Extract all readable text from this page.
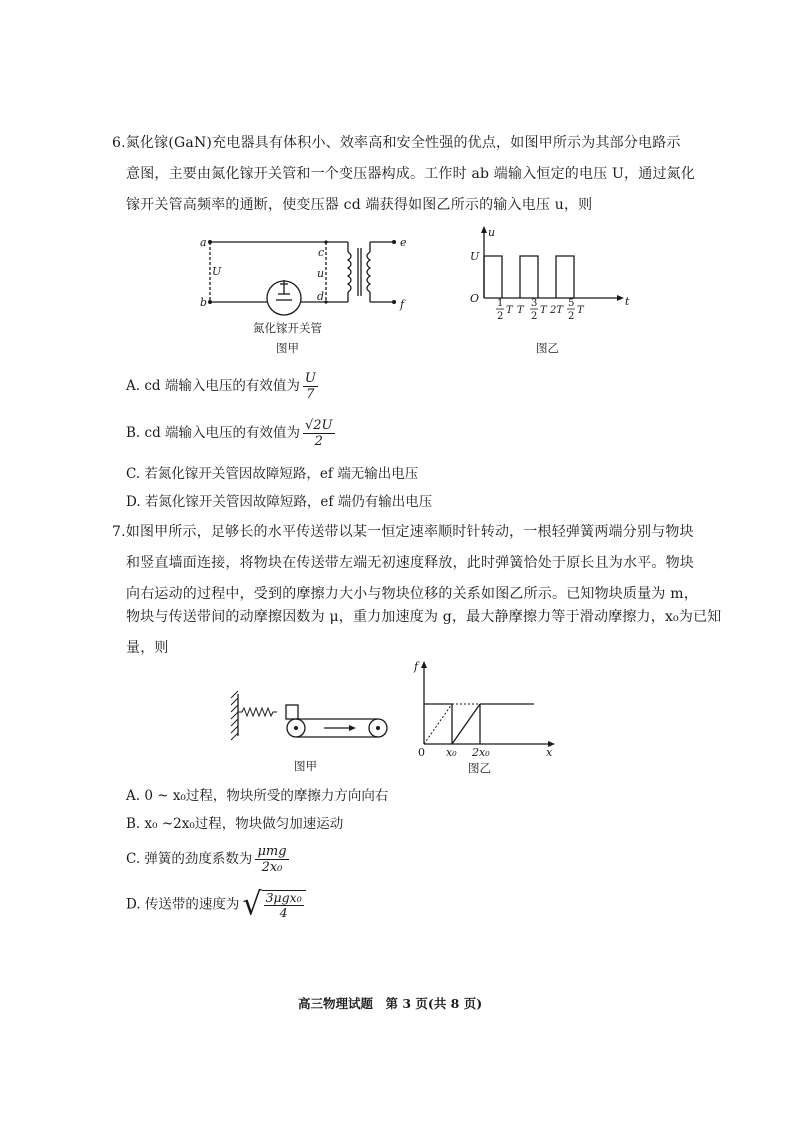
6.氮化镓(GaN)充电器具有体积小、效率高和安全性强的优点，如图甲所示为其部分电路示
意图，主要由氮化镓开关管和一个变压器构成。工作时 ab 端输入恒定的电压 U，通过氮化
镓开关管高频率的通断，使变压器 cd 端获得如图乙所示的输入电压 u，则
a
b
U
c
d
u
e
f
氮化镓开关管
图甲
u
t
U
O 1
2
T T
3
2
T 2T
5
2
T
图乙
A. cd 端输入电压的有效值为 $\frac{U}{7}$
B. cd 端输入电压的有效值为 $\frac{√2U}{2}$
C. 若氮化镓开关管因故障短路，ef 端无输出电压
D. 若氮化镓开关管因故障短路，ef 端仍有输出电压
7.如图甲所示，足够长的水平传送带以某一恒定速率顺时针转动，一根轻弹簧两端分别与物块
和竖直墙面连接，将物块在传送带左端无初速度释放，此时弹簧恰处于原长且为水平。物块
向右运动的过程中，受到的摩擦力大小与物块位移的关系如图乙所示。已知物块质量为 m，
物块与传送带间的动摩擦因数为 μ，重力加速度为 g，最大静摩擦力等于滑动摩擦力，x₀为已知
量，则
图甲
f
x
0 x₀ 2x₀
图乙
A. 0 ~ x₀过程，物块所受的摩擦力方向向右
B. x₀ ~2x₀过程，物块做匀加速运动
C. 弹簧的劲度系数为 $\frac{\text{μmg}}{\text{2x₀}}$
D. 传送带的速度为 √ 3μgx₀
4
高三物理试题　第 3 页(共 8 页)
